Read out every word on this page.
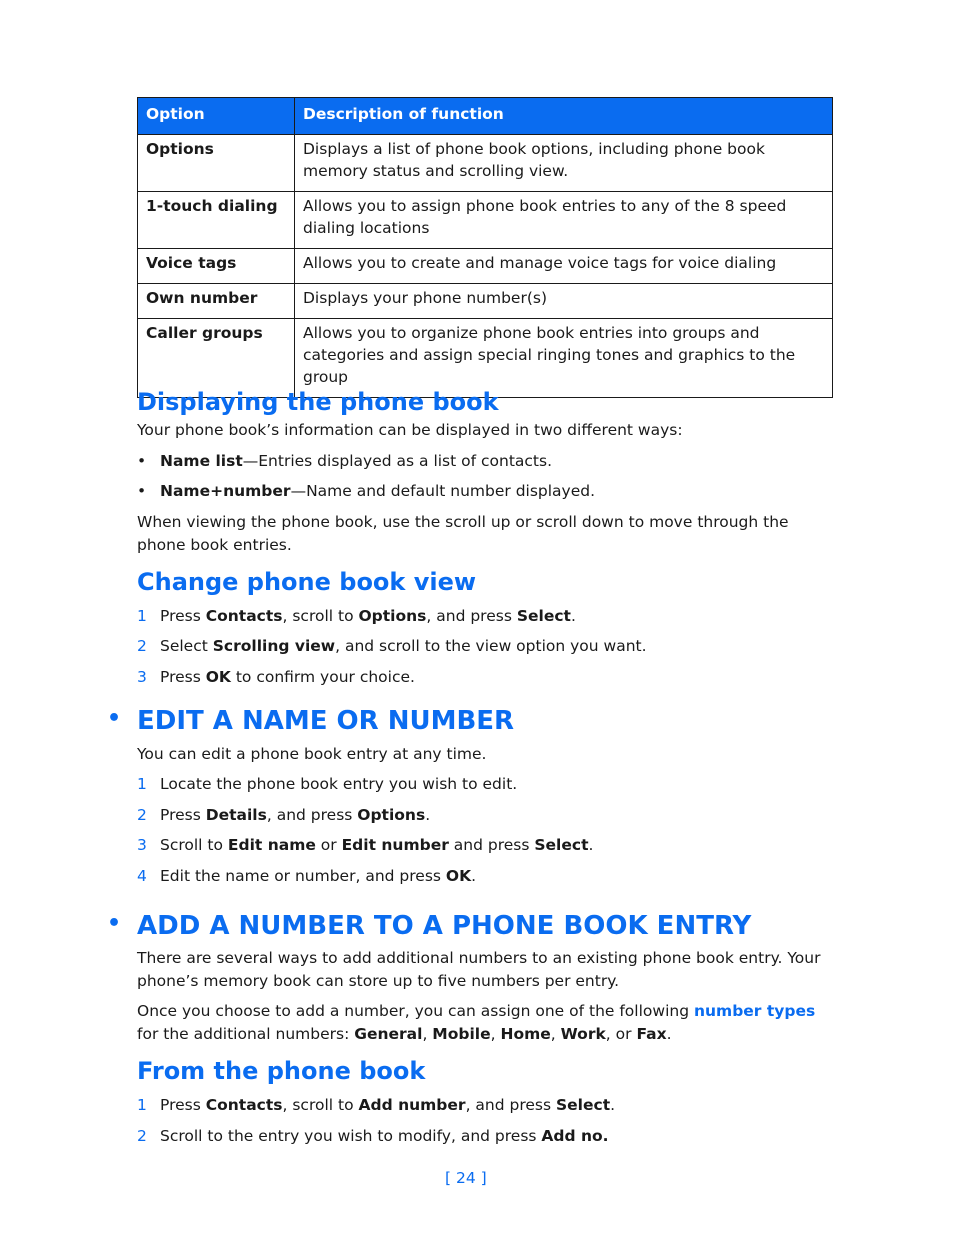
Option	Description of function
Options	Displays a list of phone book options, including phone book memory status and scrolling view.
1-touch dialing	Allows you to assign phone book entries to any of the 8 speed dialing locations
Voice tags	Allows you to create and manage voice tags for voice dialing
Own number	Displays your phone number(s)
Caller groups	Allows you to organize phone book entries into groups and categories and assign special ringing tones and graphics to the group
Displaying the phone book
Your phone book’s information can be displayed in two different ways:
• Name list—Entries displayed as a list of contacts.
• Name+number—Name and default number displayed.
When viewing the phone book, use the scroll up or scroll down to move through the phone book entries.
Change phone book view
1 Press Contacts, scroll to Options, and press Select.
2 Select Scrolling view, and scroll to the view option you want.
3 Press OK to confirm your choice.
• EDIT A NAME OR NUMBER
You can edit a phone book entry at any time.
1 Locate the phone book entry you wish to edit.
2 Press Details, and press Options.
3 Scroll to Edit name or Edit number and press Select.
4 Edit the name or number, and press OK.
• ADD A NUMBER TO A PHONE BOOK ENTRY
There are several ways to add additional numbers to an existing phone book entry. Your phone’s memory book can store up to five numbers per entry.
Once you choose to add a number, you can assign one of the following number types for the additional numbers: General, Mobile, Home, Work, or Fax.
From the phone book
1 Press Contacts, scroll to Add number, and press Select.
2 Scroll to the entry you wish to modify, and press Add no.
[ 24 ]
